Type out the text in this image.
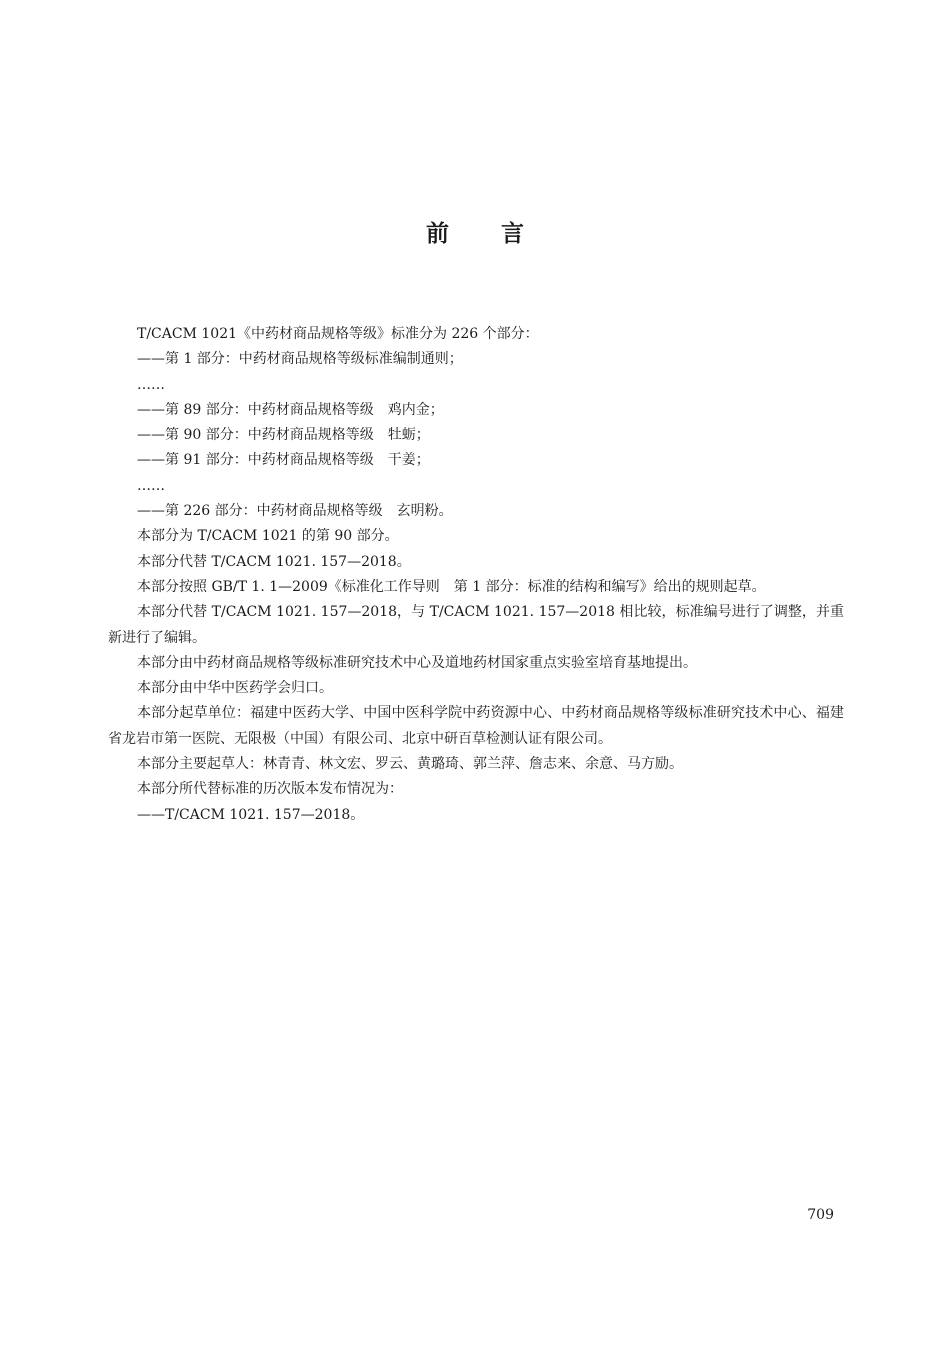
前言

T/CACM 1021《中药材商品规格等级》标准分为 226 个部分：

——第 1 部分：中药材商品规格等级标准编制通则；

……

——第 89 部分：中药材商品规格等级　鸡内金；

——第 90 部分：中药材商品规格等级　牡蛎；

——第 91 部分：中药材商品规格等级　干姜；

……

——第 226 部分：中药材商品规格等级　玄明粉。

本部分为 T/CACM 1021 的第 90 部分。

本部分代替 T/CACM 1021. 157—2018。

本部分按照 GB/T 1. 1—2009《标准化工作导则　第 1 部分：标准的结构和编写》给出的规则起草。

本部分代替 T/CACM 1021. 157—2018，与 T/CACM 1021. 157—2018 相比较，标准编号进行了调整，并重新进行了编辑。

本部分由中药材商品规格等级标准研究技术中心及道地药材国家重点实验室培育基地提出。

本部分由中华中医药学会归口。

本部分起草单位：福建中医药大学、中国中医科学院中药资源中心、中药材商品规格等级标准研究技术中心、福建省龙岩市第一医院、无限极（中国）有限公司、北京中研百草检测认证有限公司。

本部分主要起草人：林青青、林文宏、罗云、黄璐琦、郭兰萍、詹志来、余意、马方励。

本部分所代替标准的历次版本发布情况为：

——T/CACM 1021. 157—2018。

709
